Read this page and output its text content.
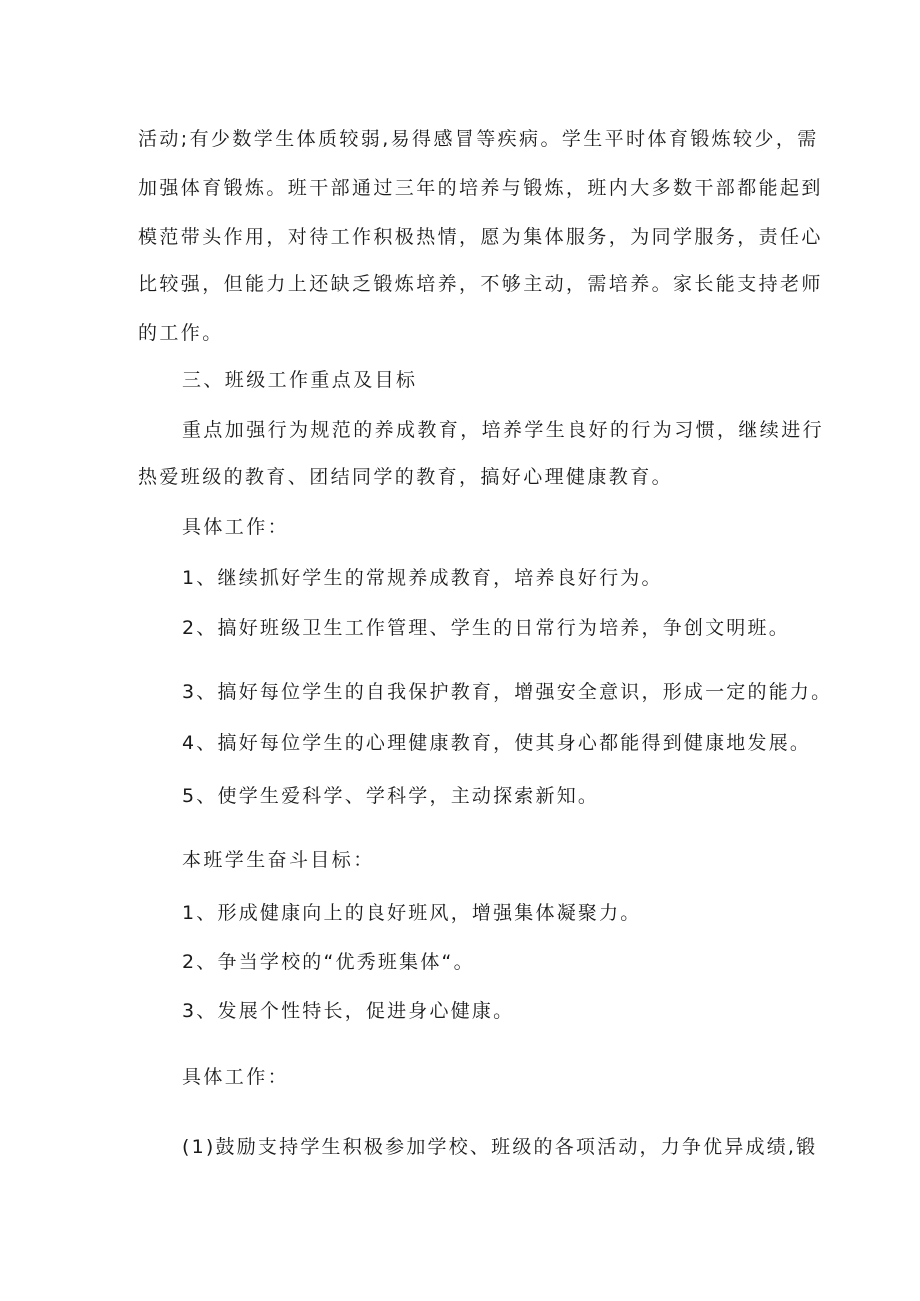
活动;有少数学生体质较弱,易得感冒等疾病。学生平时体育锻炼较少，需
加强体育锻炼。班干部通过三年的培养与锻炼，班内大多数干部都能起到
模范带头作用，对待工作积极热情，愿为集体服务，为同学服务，责任心
比较强，但能力上还缺乏锻炼培养，不够主动，需培养。家长能支持老师
的工作。
三、班级工作重点及目标
重点加强行为规范的养成教育，培养学生良好的行为习惯，继续进行
热爱班级的教育、团结同学的教育，搞好心理健康教育。
具体工作：
1、继续抓好学生的常规养成教育，培养良好行为。
2、搞好班级卫生工作管理、学生的日常行为培养，争创文明班。
3、搞好每位学生的自我保护教育，增强安全意识，形成一定的能力。
4、搞好每位学生的心理健康教育，使其身心都能得到健康地发展。
5、使学生爱科学、学科学，主动探索新知。
本班学生奋斗目标：
1、形成健康向上的良好班风，增强集体凝聚力。
2、争当学校的“优秀班集体“。
3、发展个性特长，促进身心健康。
具体工作：
(1)鼓励支持学生积极参加学校、班级的各项活动，力争优异成绩,锻
